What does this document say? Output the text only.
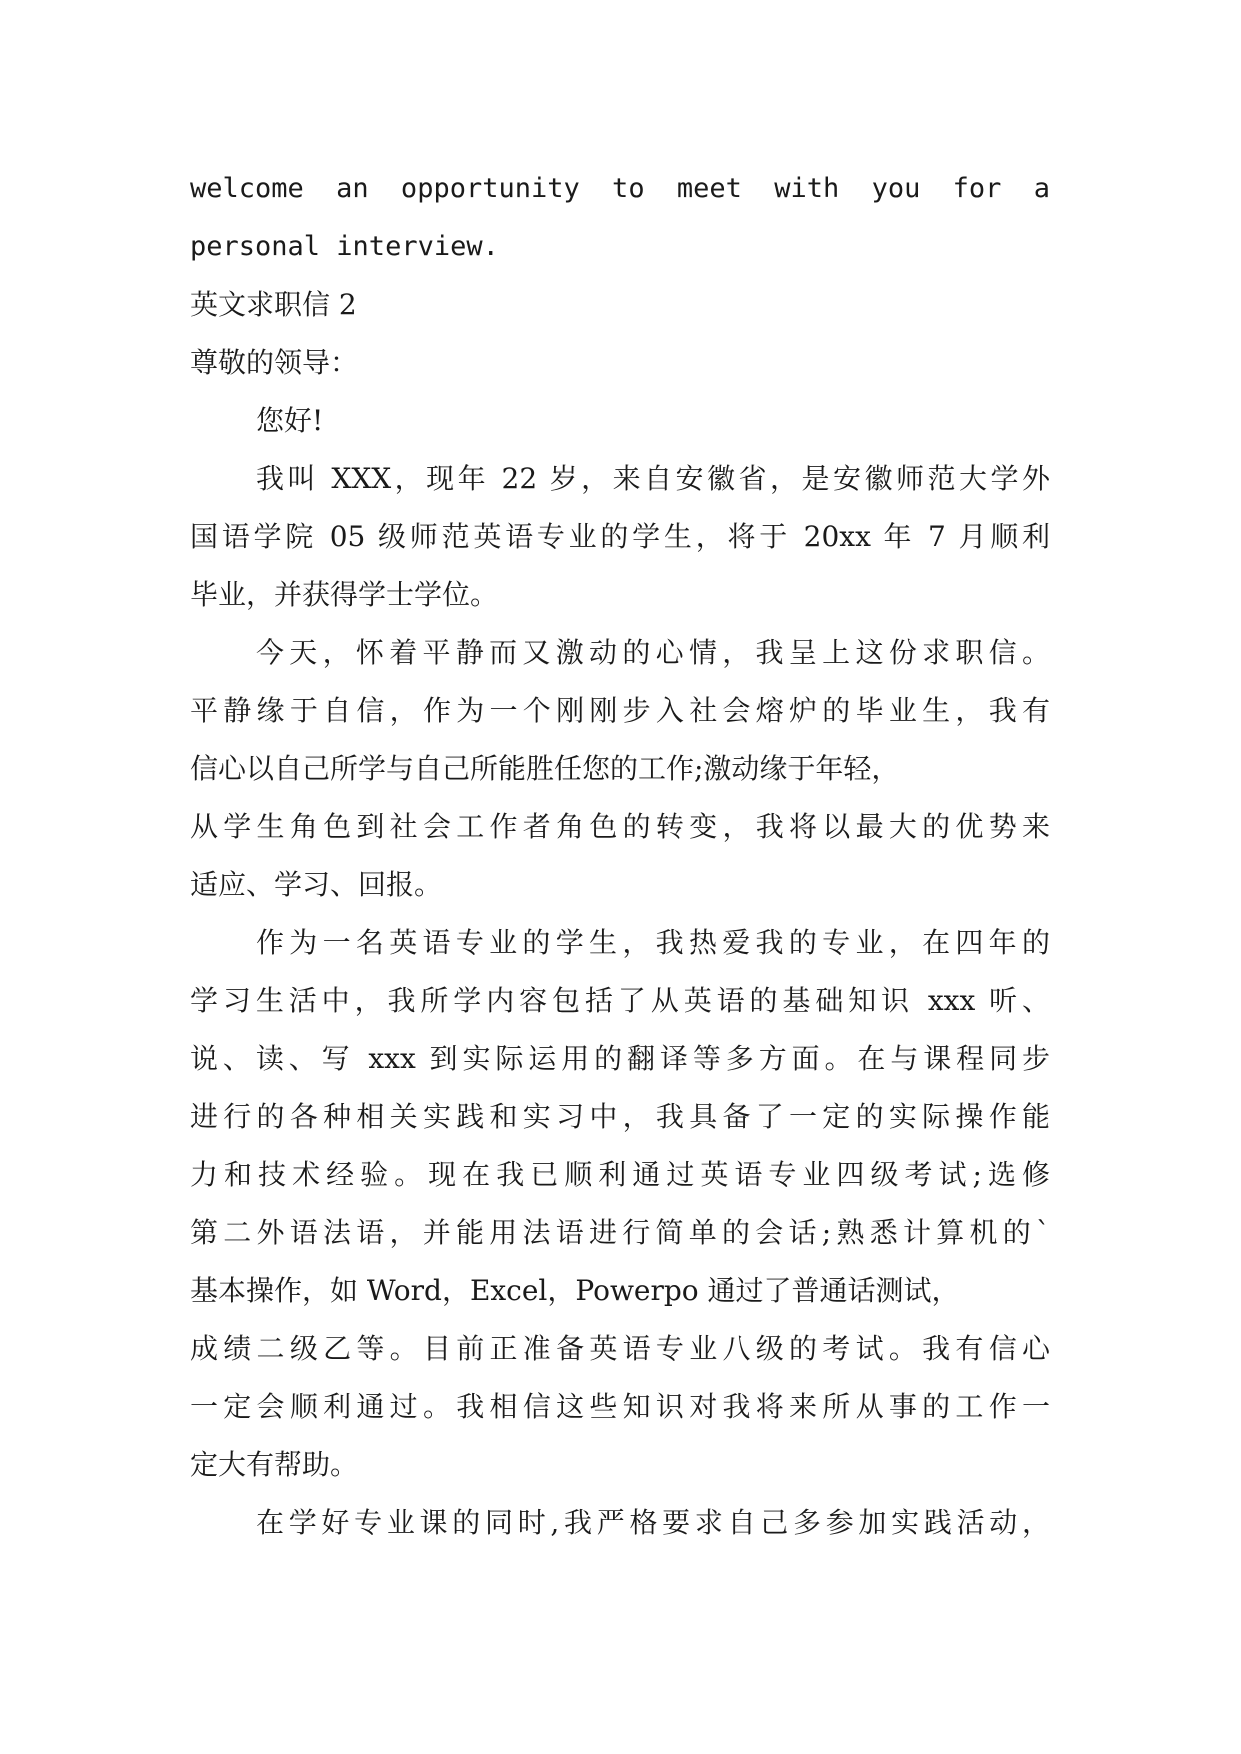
welcome an opportunity to meet with you for a
personal interview.
英文求职信 2
尊敬的领导：
您好!
我叫 XXX，现年 22 岁，来自安徽省，是安徽师范大学外
国语学院 05 级师范英语专业的学生，将于 20xx 年 7 月顺利
毕业，并获得学士学位。
今天，怀着平静而又激动的心情，我呈上这份求职信。
平静缘于自信，作为一个刚刚步入社会熔炉的毕业生，我有
信心以自己所学与自己所能胜任您的工作;激动缘于年轻，
从学生角色到社会工作者角色的转变，我将以最大的优势来
适应、学习、回报。
作为一名英语专业的学生，我热爱我的专业，在四年的
学习生活中，我所学内容包括了从英语的基础知识 xxx 听、
说、读、写 xxx 到实际运用的翻译等多方面。在与课程同步
进行的各种相关实践和实习中，我具备了一定的实际操作能
力和技术经验。现在我已顺利通过英语专业四级考试;选修
第二外语法语，并能用法语进行简单的会话;熟悉计算机的`
基本操作，如 Word，Excel，Powerpo 通过了普通话测试，
成绩二级乙等。目前正准备英语专业八级的考试。我有信心
一定会顺利通过。我相信这些知识对我将来所从事的工作一
定大有帮助。
在学好专业课的同时,我严格要求自己多参加实践活动，
